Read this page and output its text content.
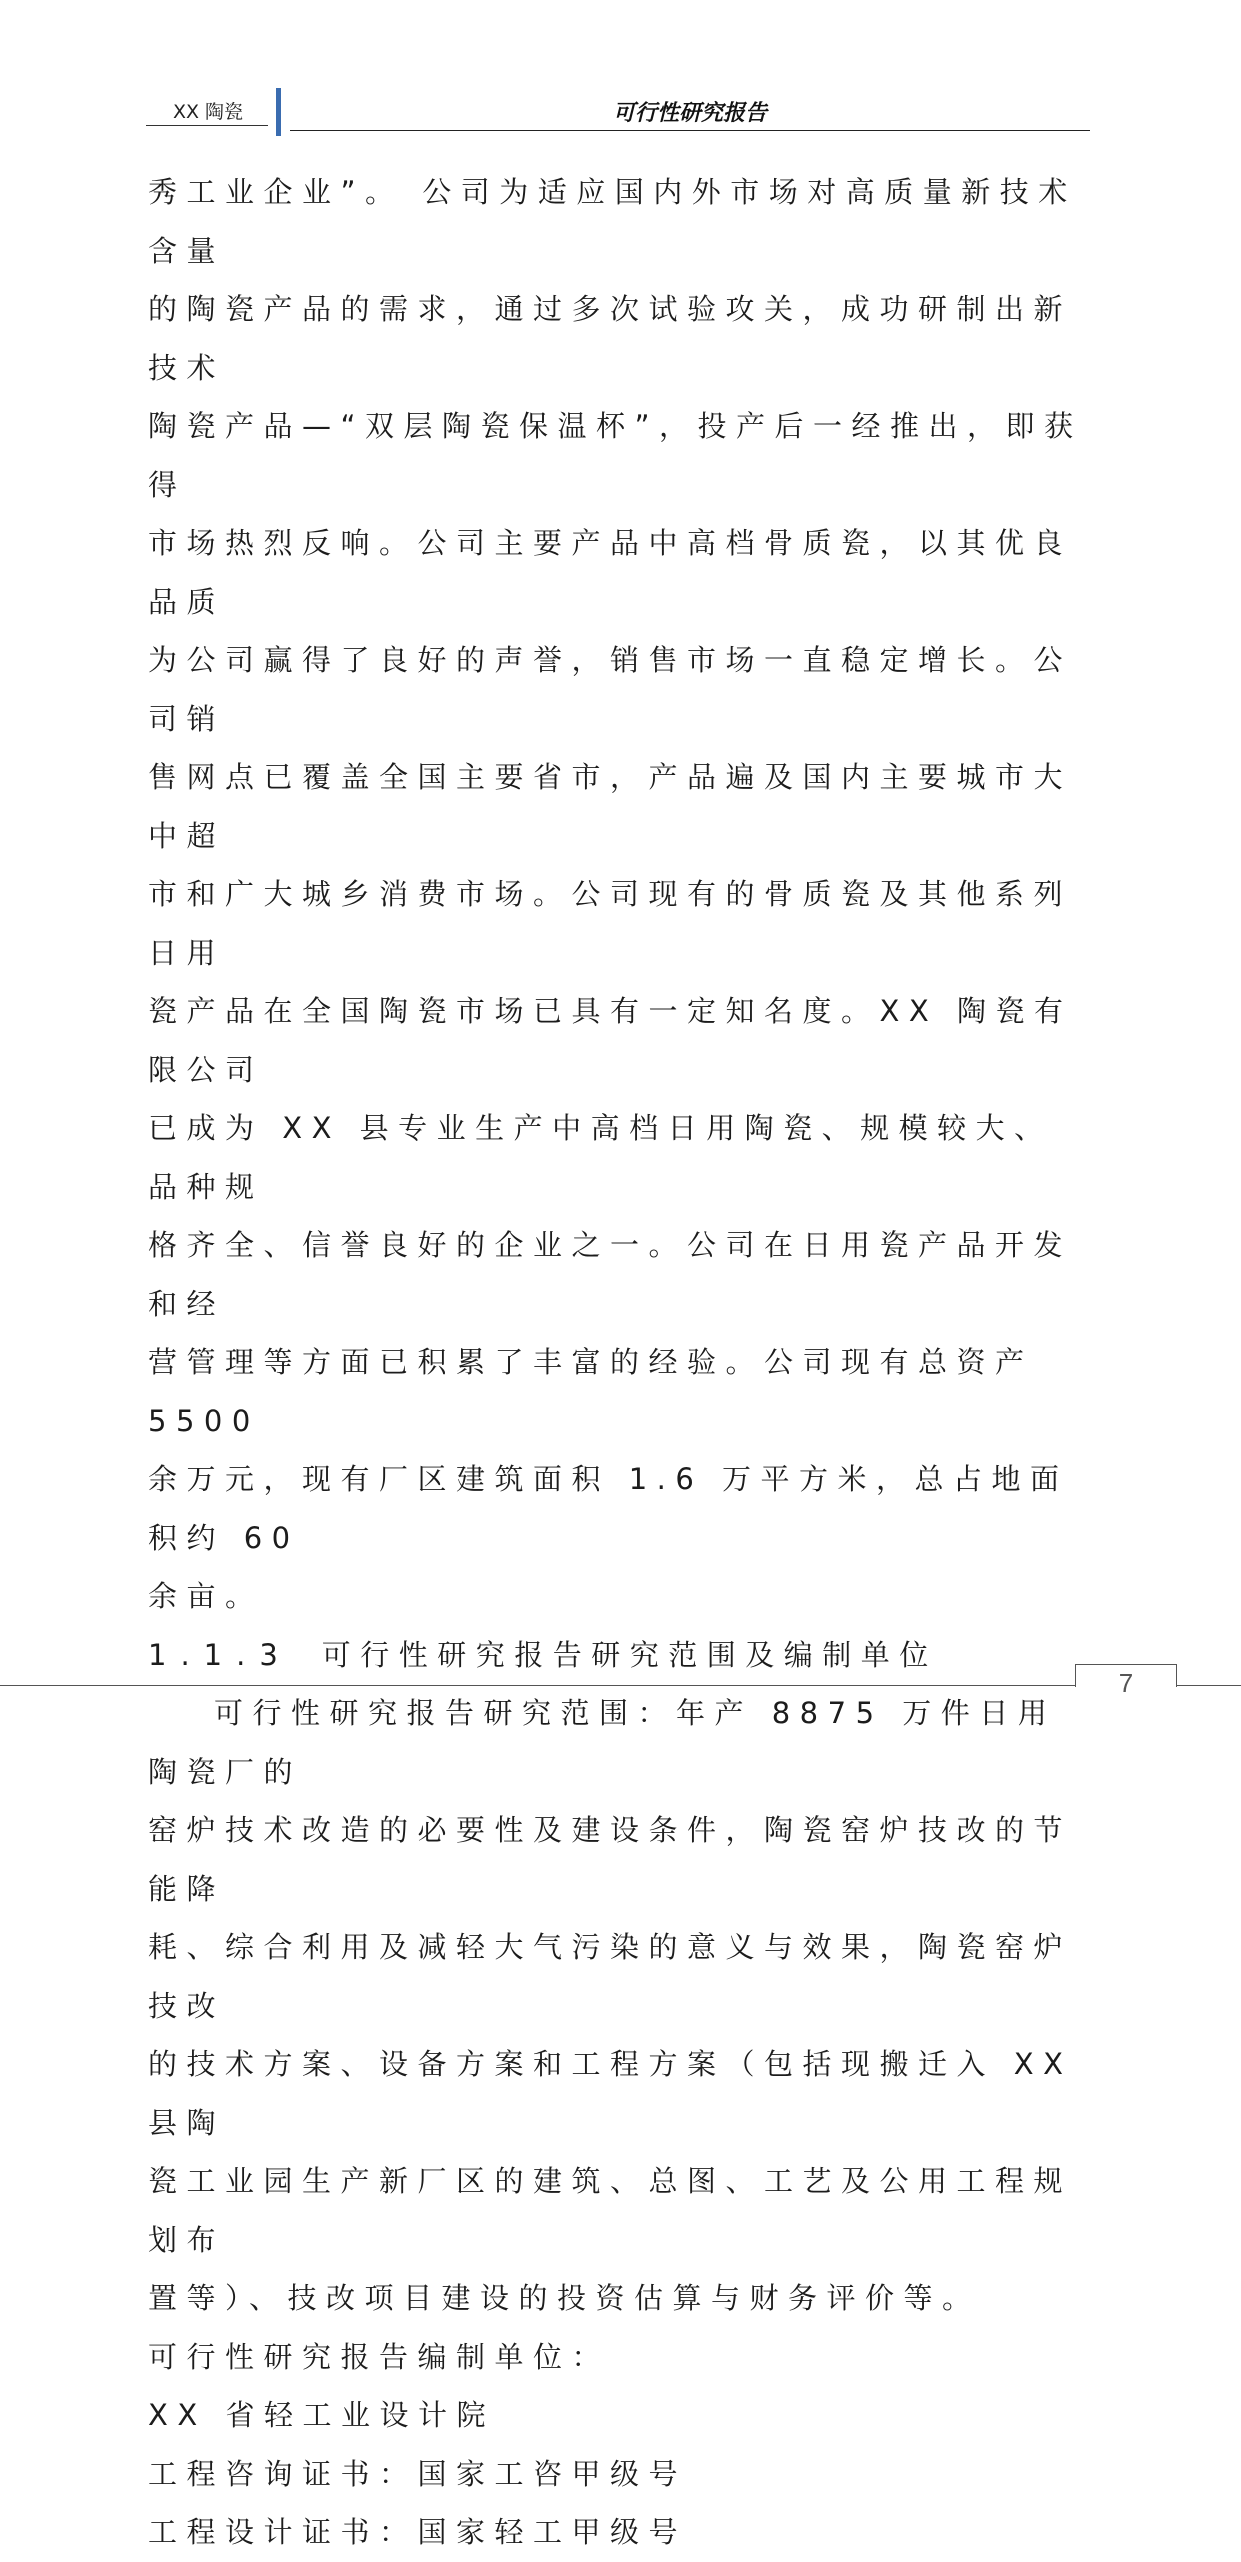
XX 陶瓷	可行性研究报告

秀工业企业”。 公司为适应国内外市场对高质量新技术含量

的陶瓷产品的需求，通过多次试验攻关，成功研制出新技术

陶瓷产品—“双层陶瓷保温杯”，投产后一经推出，即获得

市场热烈反响。公司主要产品中高档骨质瓷，以其优良品质

为公司赢得了良好的声誉，销售市场一直稳定增长。公司销

售网点已覆盖全国主要省市，产品遍及国内主要城市大中超

市和广大城乡消费市场。公司现有的骨质瓷及其他系列日用

瓷产品在全国陶瓷市场已具有一定知名度。XX 陶瓷有限公司

已成为 XX 县专业生产中高档日用陶瓷、规模较大、品种规

格齐全、信誉良好的企业之一。公司在日用瓷产品开发和经

营管理等方面已积累了丰富的经验。公司现有总资产 5500

余万元，现有厂区建筑面积 1.6 万平方米，总占地面积约 60

余亩。

1.1.3 可行性研究报告研究范围及编制单位

可行性研究报告研究范围：年产 8875 万件日用陶瓷厂的

窑炉技术改造的必要性及建设条件，陶瓷窑炉技改的节能降

耗、综合利用及减轻大气污染的意义与效果，陶瓷窑炉技改

的技术方案、设备方案和工程方案（包括现搬迁入 XX 县陶

瓷工业园生产新厂区的建筑、总图、工艺及公用工程规划布

置等）、技改项目建设的投资估算与财务评价等。

可行性研究报告编制单位：

XX 省轻工业设计院

工程咨询证书：国家工咨甲级号

工程设计证书：国家轻工甲级号

7
